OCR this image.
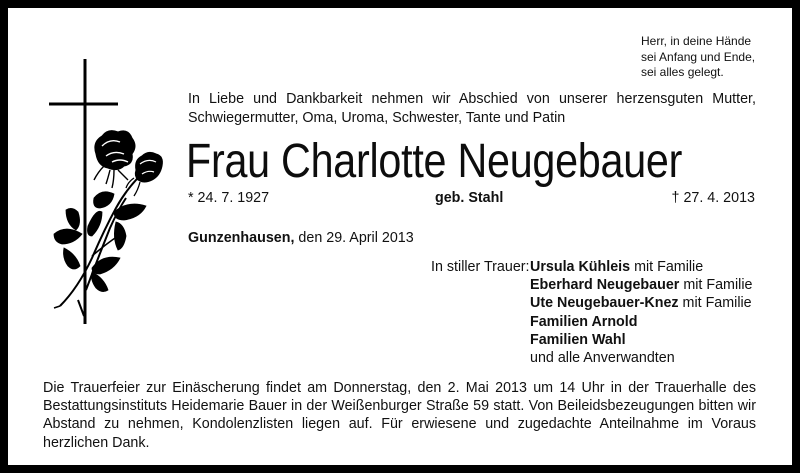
Herr, in deine Hände
sei Anfang und Ende,
sei alles gelegt.
In Liebe und Dankbarkeit nehmen wir Abschied von unserer herzensguten Mutter,
Schwiegermutter, Oma, Uroma, Schwester, Tante und Patin
Frau Charlotte Neugebauer
* 24. 7. 1927	geb. Stahl	† 27. 4. 2013
Gunzenhausen, den 29. April 2013
In stiller Trauer: Ursula Kühleis mit Familie
Eberhard Neugebauer mit Familie
Ute Neugebauer-Knez mit Familie
Familien Arnold
Familien Wahl
und alle Anverwandten
Die Trauerfeier zur Einäscherung findet am Donnerstag, den 2. Mai 2013 um 14 Uhr in der Trauerhalle des Bestattungsinstituts Heidemarie Bauer in der Weißenburger Straße 59 statt. Von Beileidsbezeugungen bitten wir Abstand zu nehmen, Kondolenzlisten liegen auf. Für erwiesene und zugedachte Anteilnahme im Voraus herzlichen Dank.
